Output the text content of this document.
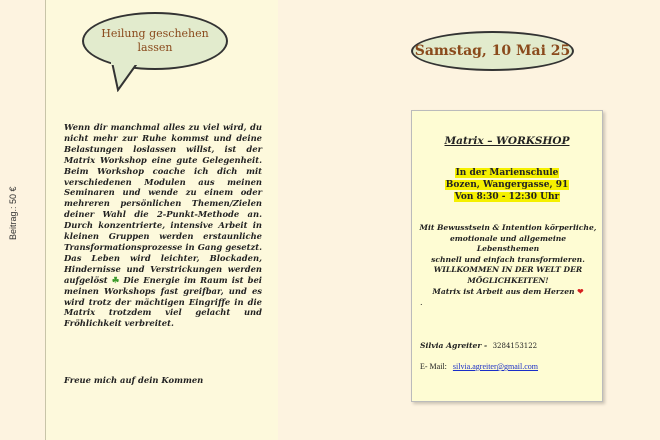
Beitrag.: 50 €
Heilung geschehen
lassen
Wenn dir manchmal alles zu viel wird, du nicht mehr zur Ruhe kommst und deine Belastungen loslassen willst, ist der Matrix Workshop eine gute Gelegenheit. Beim Workshop coache ich dich mit verschiedenen Modulen aus meinen Seminaren und wende zu einem oder mehreren persönlichen Themen/Zielen deiner Wahl die 2-Punkt-Methode an. Durch konzentrierte, intensive Arbeit in kleinen Gruppen werden erstaunliche Transformationsprozesse in Gang gesetzt. Das Leben wird leichter, Blockaden, Hindernisse und Verstrickungen werden aufgelöst ☘ Die Energie im Raum ist bei meinen Workshops fast greifbar, und es wird trotz der mächtigen Eingriffe in die Matrix trotzdem viel gelacht und Fröhlichkeit verbreitet.
Freue mich auf dein Kommen
Samstag, 10 Mai 25
Matrix – WORKSHOP
In der Marienschule
Bozen, Wangergasse, 91
Von 8:30 - 12:30 Uhr
Mit Bewusstsein & Intention körperliche,
emotionale und allgemeine Lebensthemen
schnell und einfach transformieren.
WILLKOMMEN IN DER WELT DER
MÖGLICHKEITEN!
Matrix ist Arbeit aus dem Herzen ❤
.
Silvia Agreiter - 3284153122
E- Mail: silvia.agreiter@gmail.com
